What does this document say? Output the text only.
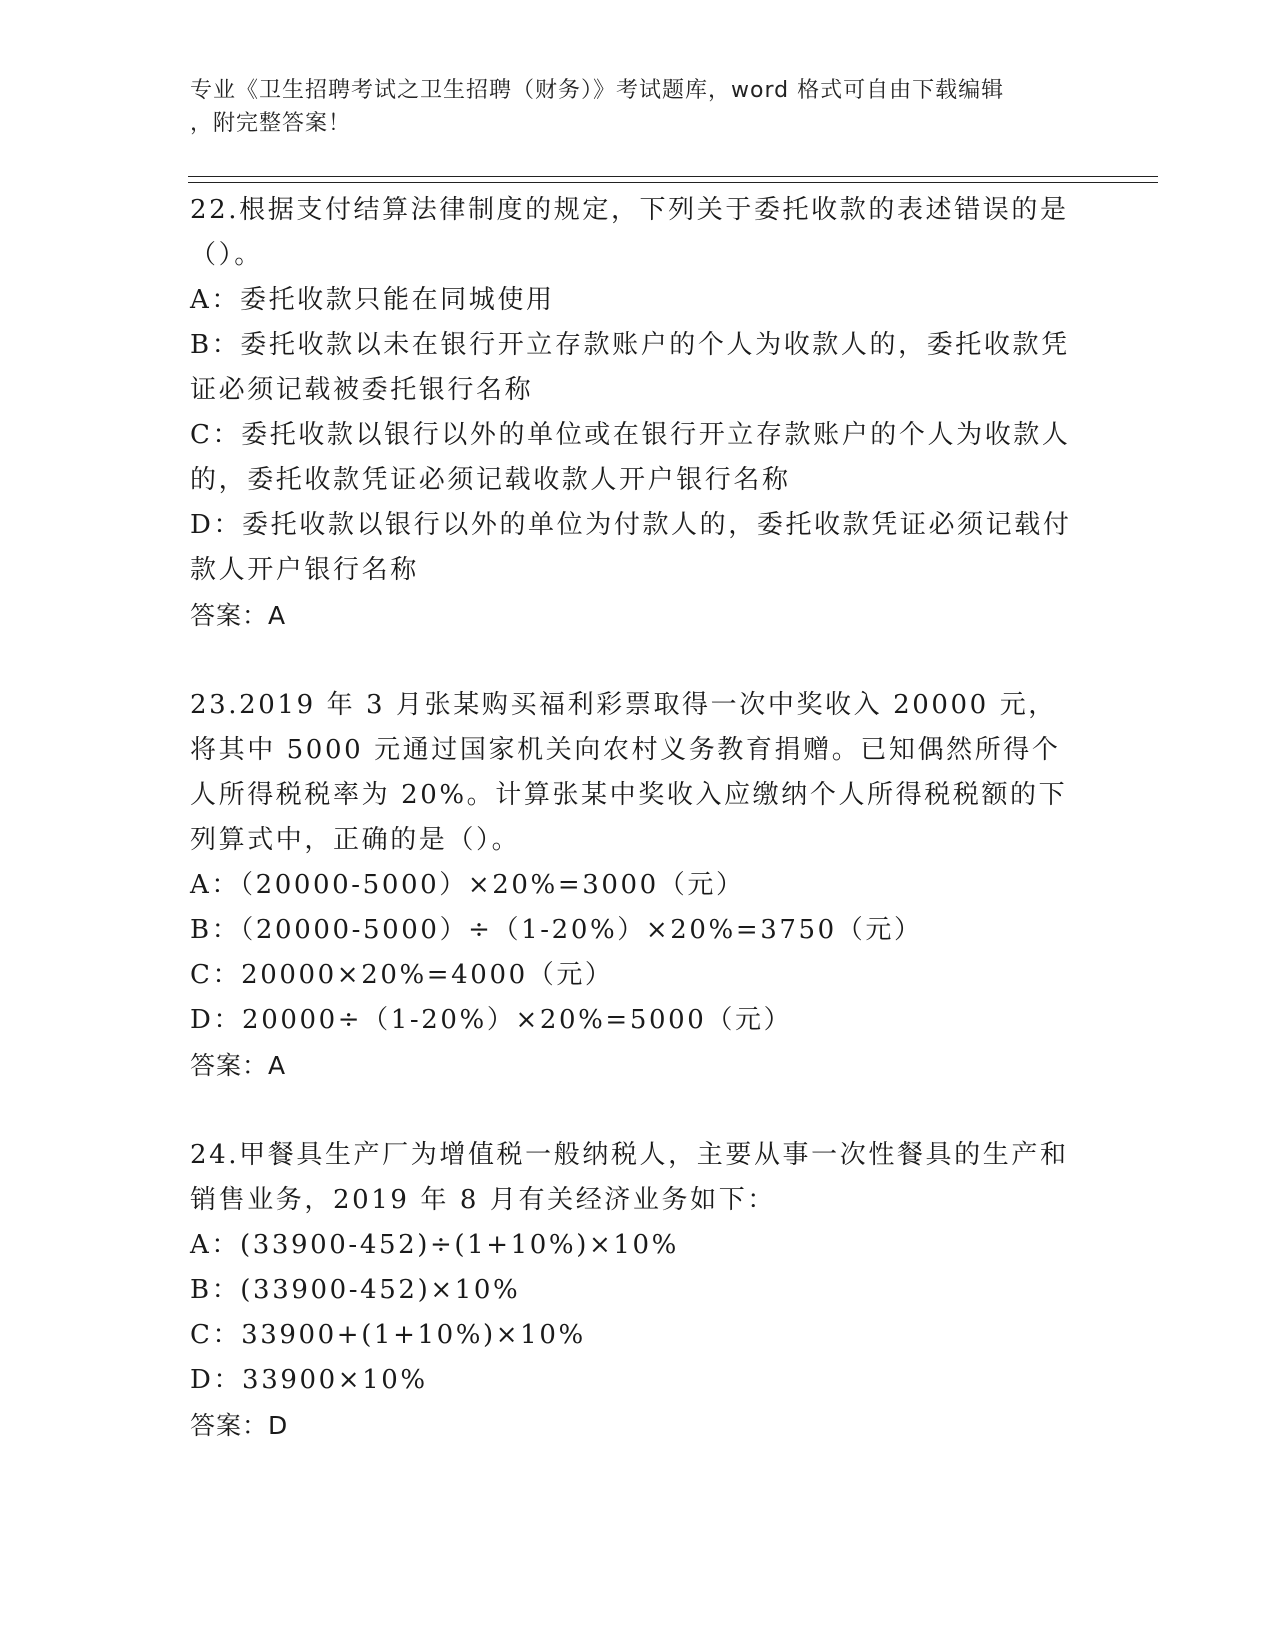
专业《卫生招聘考试之卫生招聘（财务）》考试题库，word 格式可自由下载编辑
，附完整答案！

22.根据支付结算法律制度的规定，下列关于委托收款的表述错误的是（）。

A：委托收款只能在同城使用

B：委托收款以未在银行开立存款账户的个人为收款人的，委托收款凭证必须记载被委托银行名称

C：委托收款以银行以外的单位或在银行开立存款账户的个人为收款人的，委托收款凭证必须记载收款人开户银行名称

D：委托收款以银行以外的单位为付款人的，委托收款凭证必须记载付款人开户银行名称

答案：A

23.2019 年 3 月张某购买福利彩票取得一次中奖收入 20000 元，将其中 5000 元通过国家机关向农村义务教育捐赠。已知偶然所得个人所得税税率为 20%。计算张某中奖收入应缴纳个人所得税税额的下列算式中，正确的是（）。

A：（20000-5000）×20%=3000（元）

B：（20000-5000）÷（1-20%）×20%=3750（元）

C：20000×20%=4000（元）

D：20000÷（1-20%）×20%=5000（元）

答案：A

24.甲餐具生产厂为增值税一般纳税人，主要从事一次性餐具的生产和销售业务，2019 年 8 月有关经济业务如下：

A：(33900-452)÷(1+10%)×10%

B：(33900-452)×10%

C：33900+(1+10%)×10%

D：33900×10%

答案：D
